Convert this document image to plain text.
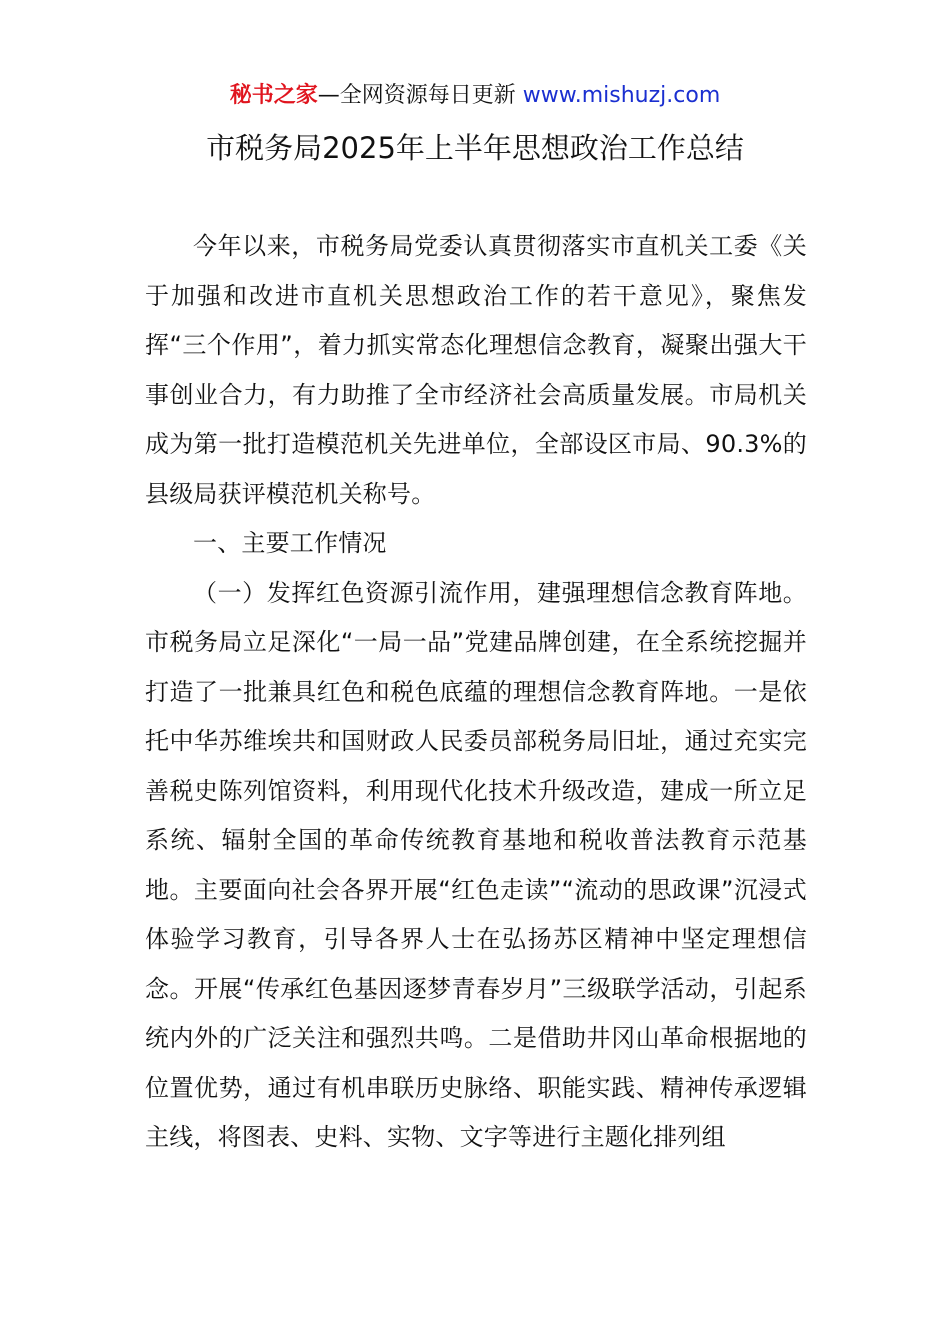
秘书之家—全网资源每日更新 www.mishuzj.com
市税务局2025年上半年思想政治工作总结

今年以来，市税务局党委认真贯彻落实市直机关工委《关于加强和改进市直机关思想政治工作的若干意见》，聚焦发挥“三个作用”，着力抓实常态化理想信念教育，凝聚出强大干事创业合力，有力助推了全市经济社会高质量发展。市局机关成为第一批打造模范机关先进单位，全部设区市局、90.3%的县级局获评模范机关称号。

一、主要工作情况

（一）发挥红色资源引流作用，建强理想信念教育阵地。市税务局立足深化“一局一品”党建品牌创建，在全系统挖掘并打造了一批兼具红色和税色底蕴的理想信念教育阵地。一是依托中华苏维埃共和国财政人民委员部税务局旧址，通过充实完善税史陈列馆资料，利用现代化技术升级改造，建成一所立足系统、辐射全国的革命传统教育基地和税收普法教育示范基地。主要面向社会各界开展“红色走读”“流动的思政课”沉浸式体验学习教育，引导各界人士在弘扬苏区精神中坚定理想信念。开展“传承红色基因逐梦青春岁月”三级联学活动，引起系统内外的广泛关注和强烈共鸣。二是借助井冈山革命根据地的位置优势，通过有机串联历史脉络、职能实践、精神传承逻辑主线，将图表、史料、实物、文字等进行主题化排列组
